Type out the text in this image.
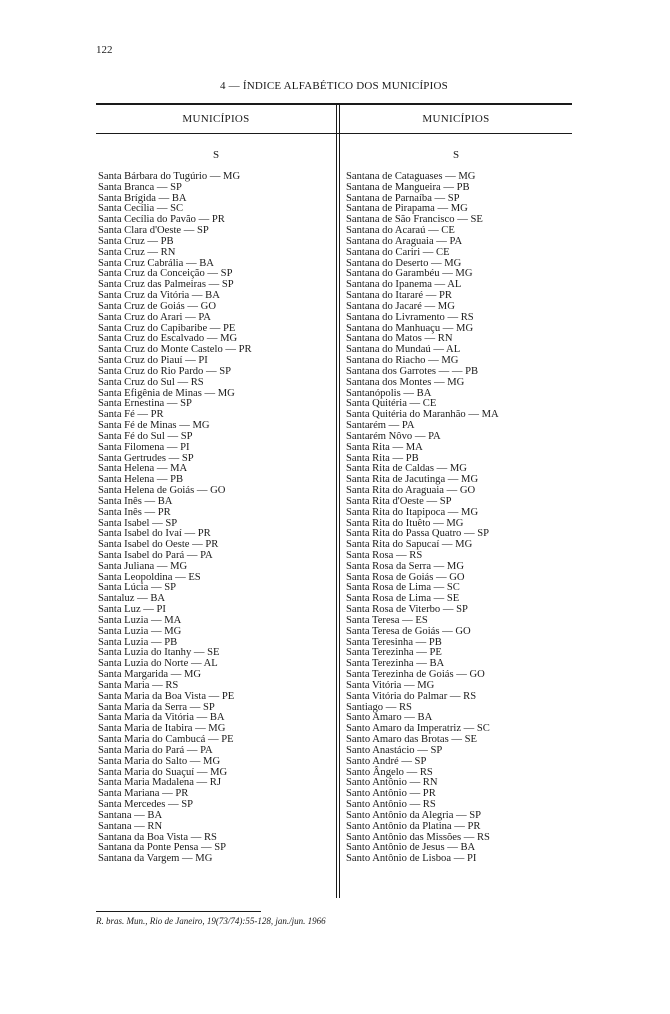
122
4 — ÍNDICE ALFABÉTICO DOS MUNICÍPIOS
MUNICÍPIOS	MUNICÍPIOS
S	S
Santa Bárbara do Tugúrio — MG
Santa Branca — SP
Santa Brígida — BA
Santa Cecília — SC
Santa Cecília do Pavão — PR
Santa Clara d'Oeste — SP
Santa Cruz — PB
Santa Cruz — RN
Santa Cruz Cabrália — BA
Santa Cruz da Conceição — SP
Santa Cruz das Palmeiras — SP
Santa Cruz da Vitória — BA
Santa Cruz de Goiás — GO
Santa Cruz do Arari — PA
Santa Cruz do Capibaribe — PE
Santa Cruz do Escalvado — MG
Santa Cruz do Monte Castelo — PR
Santa Cruz do Piauí — PI
Santa Cruz do Rio Pardo — SP
Santa Cruz do Sul — RS
Santa Efigênia de Minas — MG
Santa Ernestina — SP
Santa Fé — PR
Santa Fé de Minas — MG
Santa Fé do Sul — SP
Santa Filomena — PI
Santa Gertrudes — SP
Santa Helena — MA
Santa Helena — PB
Santa Helena de Goiás — GO
Santa Inês — BA
Santa Inês — PR
Santa Isabel — SP
Santa Isabel do Ivaí — PR
Santa Isabel do Oeste — PR
Santa Isabel do Pará — PA
Santa Juliana — MG
Santa Leopoldina — ES
Santa Lúcia — SP
Santaluz — BA
Santa Luz — PI
Santa Luzia — MA
Santa Luzia — MG
Santa Luzia — PB
Santa Luzia do Itanhy — SE
Santa Luzia do Norte — AL
Santa Margarida — MG
Santa Maria — RS
Santa Maria da Boa Vista — PE
Santa Maria da Serra — SP
Santa Maria da Vitória — BA
Santa Maria de Itabira — MG
Santa Maria do Cambucá — PE
Santa Maria do Pará — PA
Santa Maria do Salto — MG
Santa Maria do Suaçuí — MG
Santa Maria Madalena — RJ
Santa Mariana — PR
Santa Mercedes — SP
Santana — BA
Santana — RN
Santana da Boa Vista — RS
Santana da Ponte Pensa — SP
Santana da Vargem — MG
Santana de Cataguases — MG
Santana de Mangueira — PB
Santana de Parnaíba — SP
Santana de Pirapama — MG
Santana de São Francisco — SE
Santana do Acaraú — CE
Santana do Araguaia — PA
Santana do Cariri — CE
Santana do Deserto — MG
Santana do Garambéu — MG
Santana do Ipanema — AL
Santana do Itararé — PR
Santana do Jacaré — MG
Santana do Livramento — RS
Santana do Manhuaçu — MG
Santana do Matos — RN
Santana do Mundaú — AL
Santana do Riacho — MG
Santana dos Garrotes — — PB
Santana dos Montes — MG
Santanópolis — BA
Santa Quitéria — CE
Santa Quitéria do Maranhão — MA
Santarém — PA
Santarém Nôvo — PA
Santa Rita — MA
Santa Rita — PB
Santa Rita de Caldas — MG
Santa Rita de Jacutinga — MG
Santa Rita do Araguaia — GO
Santa Rita d'Oeste — SP
Santa Rita do Itapipoca — MG
Santa Rita do Ituêto — MG
Santa Rita do Passa Quatro — SP
Santa Rita do Sapucaí — MG
Santa Rosa — RS
Santa Rosa da Serra — MG
Santa Rosa de Goiás — GO
Santa Rosa de Lima — SC
Santa Rosa de Lima — SE
Santa Rosa de Viterbo — SP
Santa Teresa — ES
Santa Teresa de Goiás — GO
Santa Teresinha — PB
Santa Terezinha — PE
Santa Terezinha — BA
Santa Terezinha de Goiás — GO
Santa Vitória — MG
Santa Vitória do Palmar — RS
Santiago — RS
Santo Amaro — BA
Santo Amaro da Imperatriz — SC
Santo Amaro das Brotas — SE
Santo Anastácio — SP
Santo André — SP
Santo Ângelo — RS
Santo Antônio — RN
Santo Antônio — PR
Santo Antônio — RS
Santo Antônio da Alegria — SP
Santo Antônio da Platina — PR
Santo Antônio das Missões — RS
Santo Antônio de Jesus — BA
Santo Antônio de Lisboa — PI
R. bras. Mun., Rio de Janeiro, 19(73/74):55-128, jan./jun. 1966
